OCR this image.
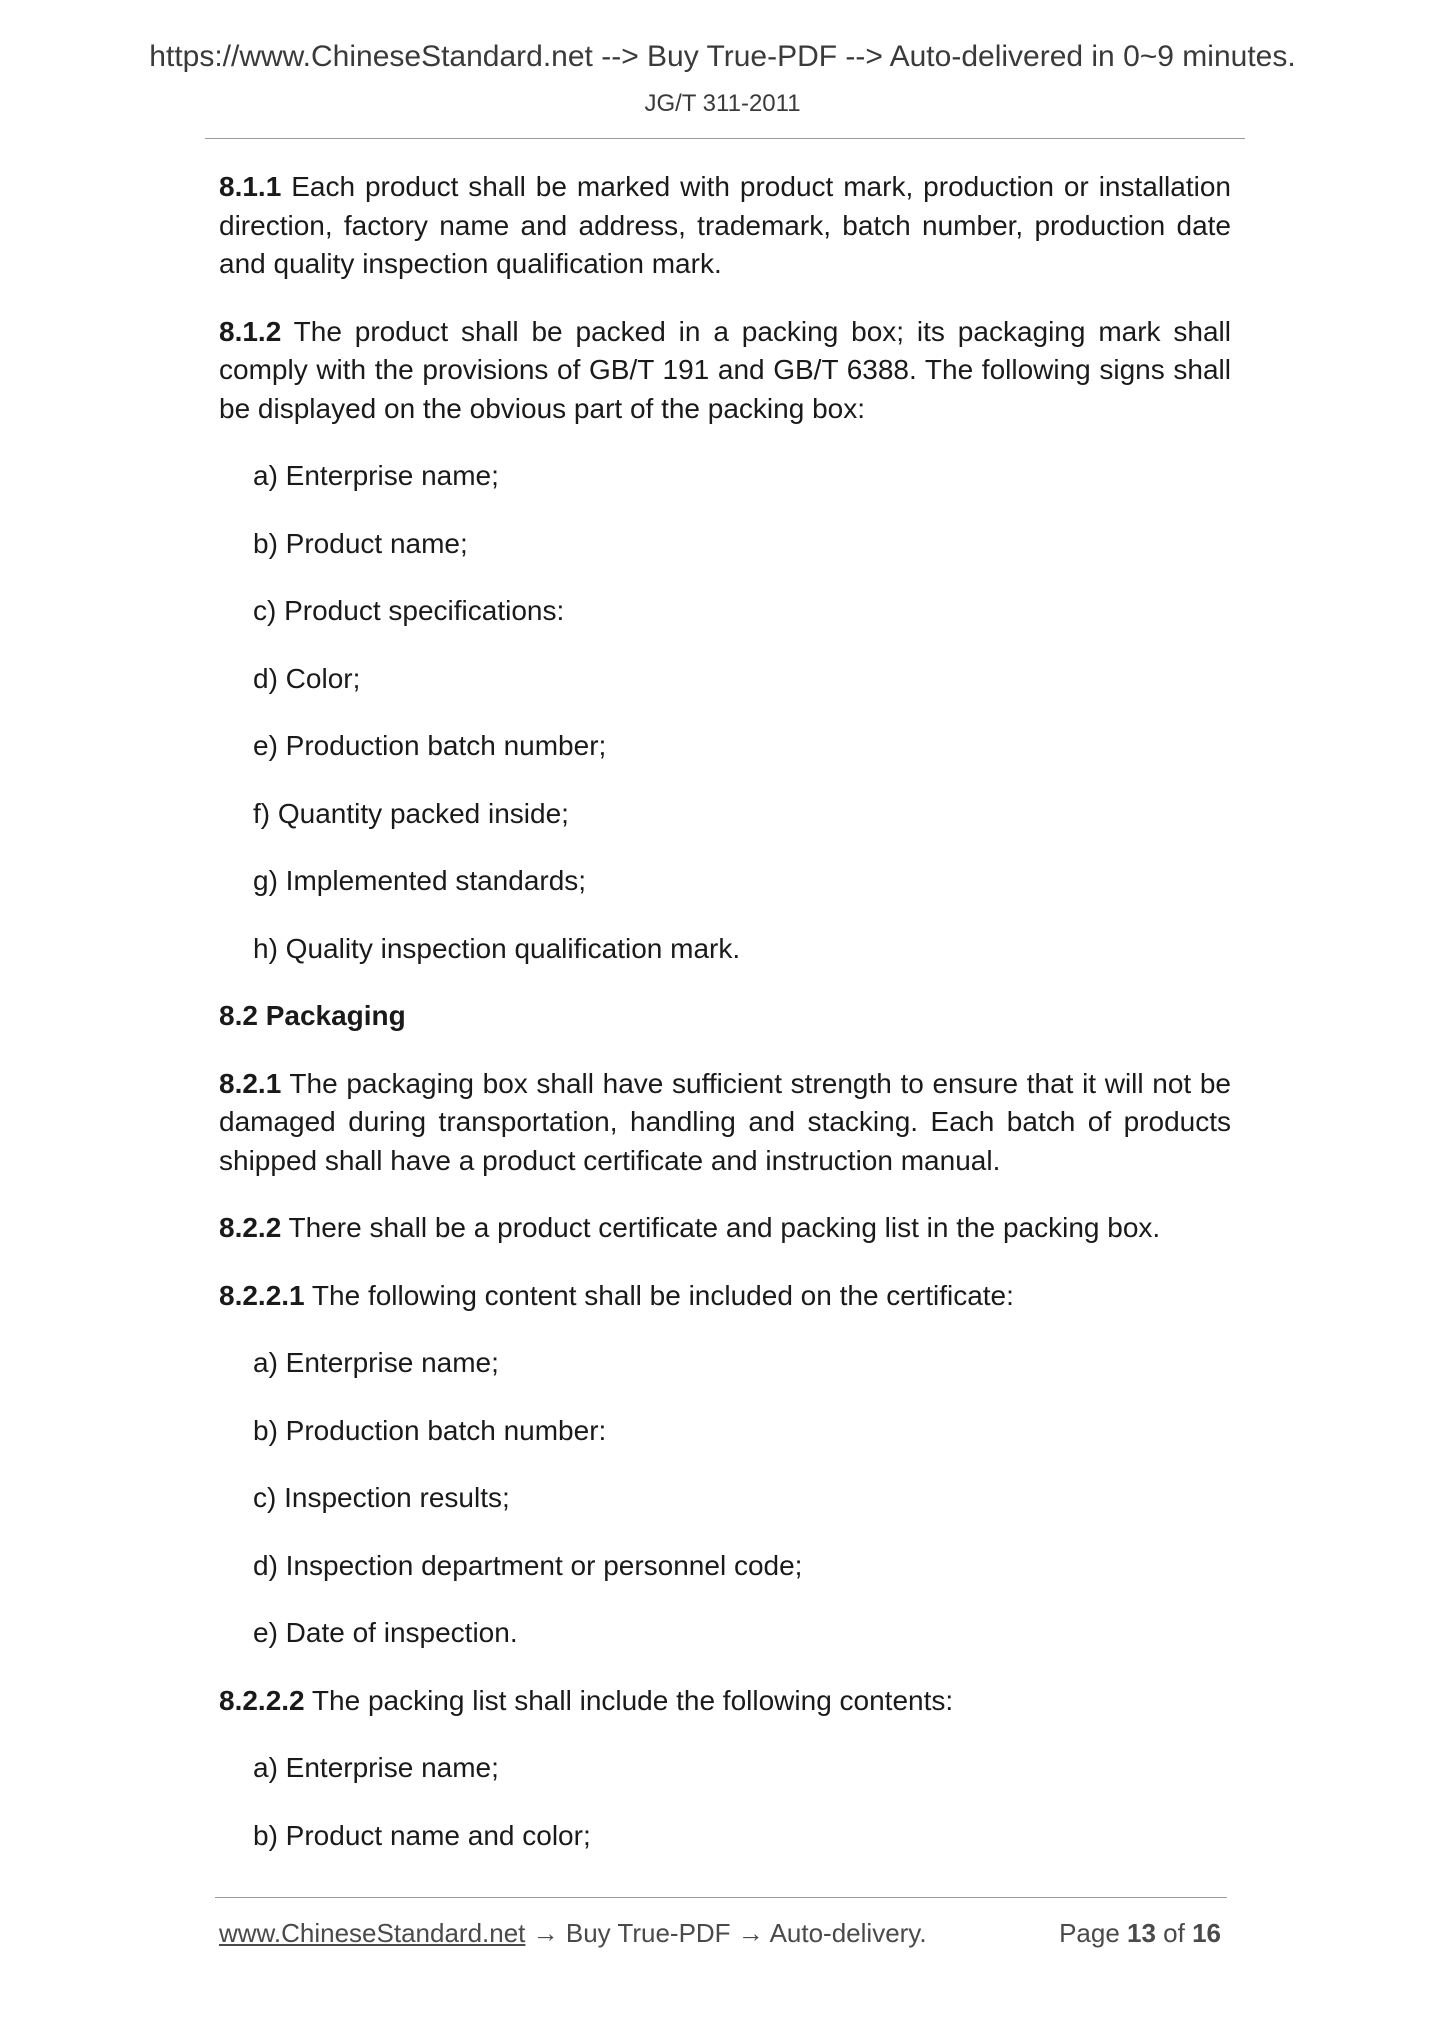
https://www.ChineseStandard.net --> Buy True-PDF --> Auto-delivered in 0~9 minutes.
JG/T 311-2011

8.1.1 Each product shall be marked with product mark, production or installation direction, factory name and address, trademark, batch number, production date and quality inspection qualification mark.

8.1.2 The product shall be packed in a packing box; its packaging mark shall comply with the provisions of GB/T 191 and GB/T 6388. The following signs shall be displayed on the obvious part of the packing box:

a) Enterprise name;
b) Product name;
c) Product specifications:
d) Color;
e) Production batch number;
f) Quantity packed inside;
g) Implemented standards;
h) Quality inspection qualification mark.
8.2 Packaging

8.2.1 The packaging box shall have sufficient strength to ensure that it will not be damaged during transportation, handling and stacking. Each batch of products shipped shall have a product certificate and instruction manual.

8.2.2 There shall be a product certificate and packing list in the packing box.

8.2.2.1 The following content shall be included on the certificate:

a) Enterprise name;
b) Production batch number:
c) Inspection results;
d) Inspection department or personnel code;
e) Date of inspection.

8.2.2.2 The packing list shall include the following contents:

a) Enterprise name;
b) Product name and color;
www.ChineseStandard.net → Buy True-PDF → Auto-delivery.	Page 13 of 16
